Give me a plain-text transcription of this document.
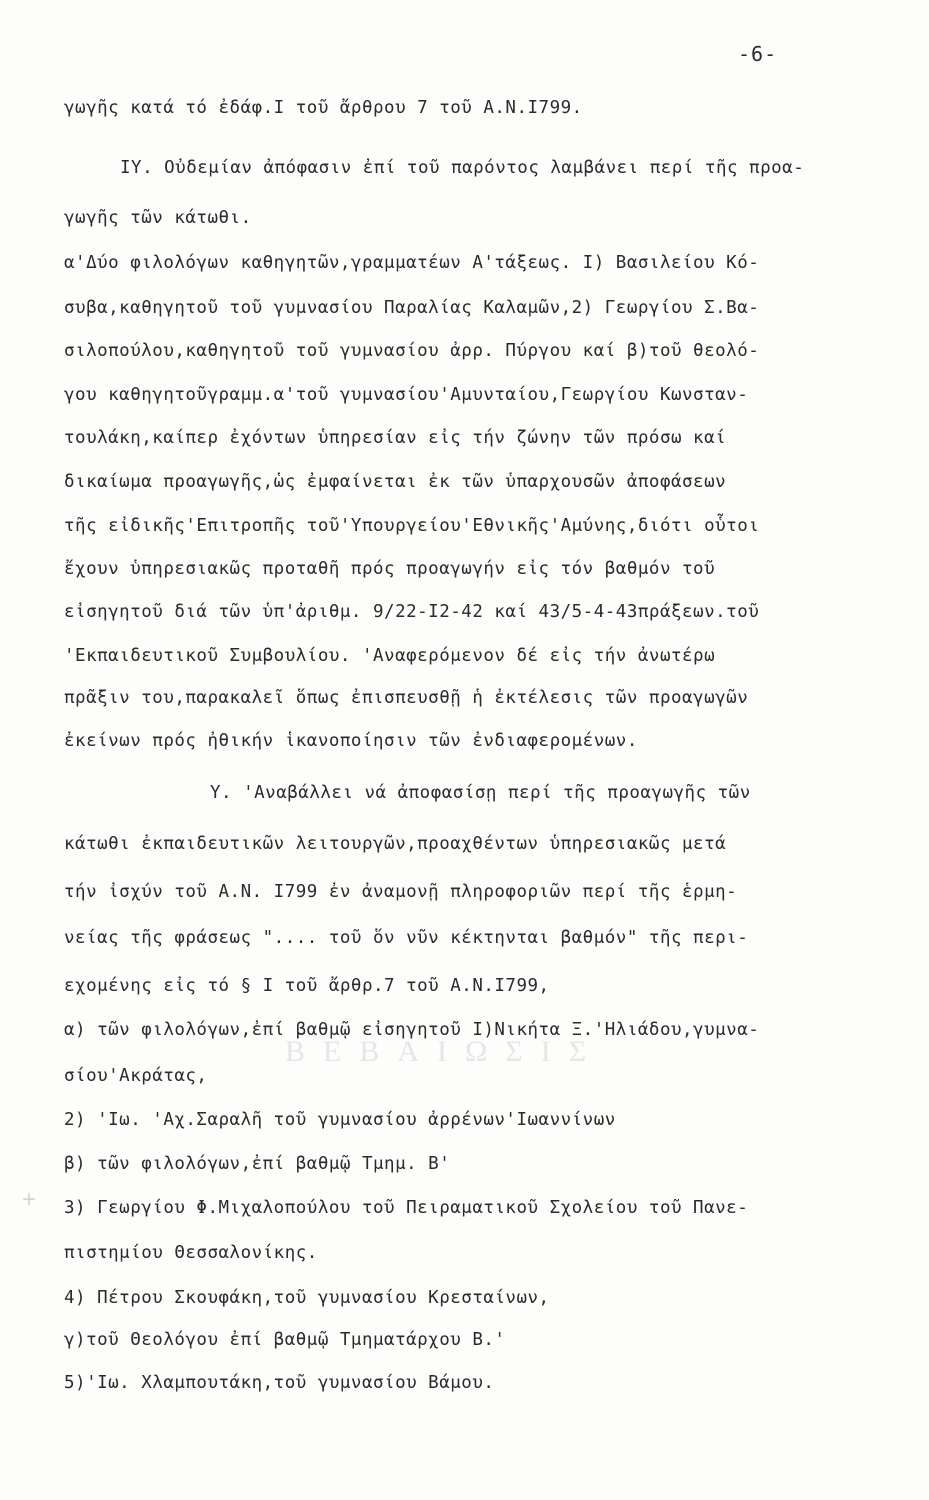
-6-
γωγῆς κατά τό ἐδάφ.Ι τοῦ ἄρθρου 7 τοῦ Α.Ν.Ι799.
ΙΥ. Οὐδεμίαν ἀπόφασιν ἐπί τοῦ παρόντος λαμβάνει περί τῆς προα-
γωγῆς τῶν κάτωθι.
α'Δύο φιλολόγων καθηγητῶν,γραμματέων Α'τάξεως. Ι) Βασιλείου Κό-
συβα,καθηγητοῦ τοῦ γυμνασίου Παραλίας Καλαμῶν,2) Γεωργίου Σ.Βα-
σιλοπούλου,καθηγητοῦ τοῦ γυμνασίου ἀρρ. Πύργου καί β)τοῦ θεολό-
γου καθηγητοῦγραμμ.α'τοῦ γυμνασίου'Αμυνταίου,Γεωργίου Κωνσταν-
τουλάκη,καίπερ ἐχόντων ὑπηρεσίαν εἰς τήν ζώνην τῶν πρόσω καί
δικαίωμα προαγωγῆς,ὡς ἐμφαίνεται ἐκ τῶν ὑπαρχουσῶν ἀποφάσεων
τῆς εἰδικῆς'Επιτροπῆς τοῦ'Υπουργείου'Εθνικῆς'Αμύνης,διότι οὗτοι
ἔχουν ὑπηρεσιακῶς προταθῆ πρός προαγωγήν εἰς τόν βαθμόν τοῦ
εἰσηγητοῦ διά τῶν ὑπ'ἀριθμ. 9/22-Ι2-42 καί 43/5-4-43πράξεων.τοῦ
'Εκπαιδευτικοῦ Συμβουλίου. 'Αναφερόμενον δέ εἰς τήν ἀνωτέρω
πρᾶξιν του,παρακαλεῖ ὅπως ἐπισπευσθῇ ἡ ἐκτέλεσις τῶν προαγωγῶν
ἐκείνων πρός ἠθικήν ἱκανοποίησιν τῶν ἐνδιαφερομένων.
Υ. 'Αναβάλλει νά ἀποφασίσῃ περί τῆς προαγωγῆς τῶν
κάτωθι ἐκπαιδευτικῶν λειτουργῶν,προαχθέντων ὑπηρεσιακῶς μετά
τήν ἰσχύν τοῦ Α.Ν. Ι799 ἐν ἀναμονῇ πληροφοριῶν περί τῆς ἑρμη-
νείας τῆς φράσεως ".... τοῦ ὅν νῦν κέκτηνται βαθμόν" τῆς περι-
εχομένης εἰς τό § Ι τοῦ ἄρθρ.7 τοῦ Α.Ν.Ι799,
α) τῶν φιλολόγων,ἐπί βαθμῷ εἰσηγητοῦ Ι)Νικήτα Ξ.'Ηλιάδου,γυμνα-
σίου'Ακράτας,
2) 'Ιω. 'Αχ.Σαραλῆ τοῦ γυμνασίου ἀρρένων'Ιωαννίνων
β) τῶν φιλολόγων,ἐπί βαθμῷ Τμημ. Β'
3) Γεωργίου Φ.Μιχαλοπούλου τοῦ Πειραματικοῦ Σχολείου τοῦ Πανε-
πιστημίου Θεσσαλονίκης.
4) Πέτρου Σκουφάκη,τοῦ γυμνασίου Κρεσταίνων,
γ)τοῦ Θεολόγου ἐπί βαθμῷ Τμηματάρχου Β.'
5)'Ιω. Χλαμπουτάκη,τοῦ γυμνασίου Βάμου.
ΒΕΒΑΙΩΣΙΣ
+
